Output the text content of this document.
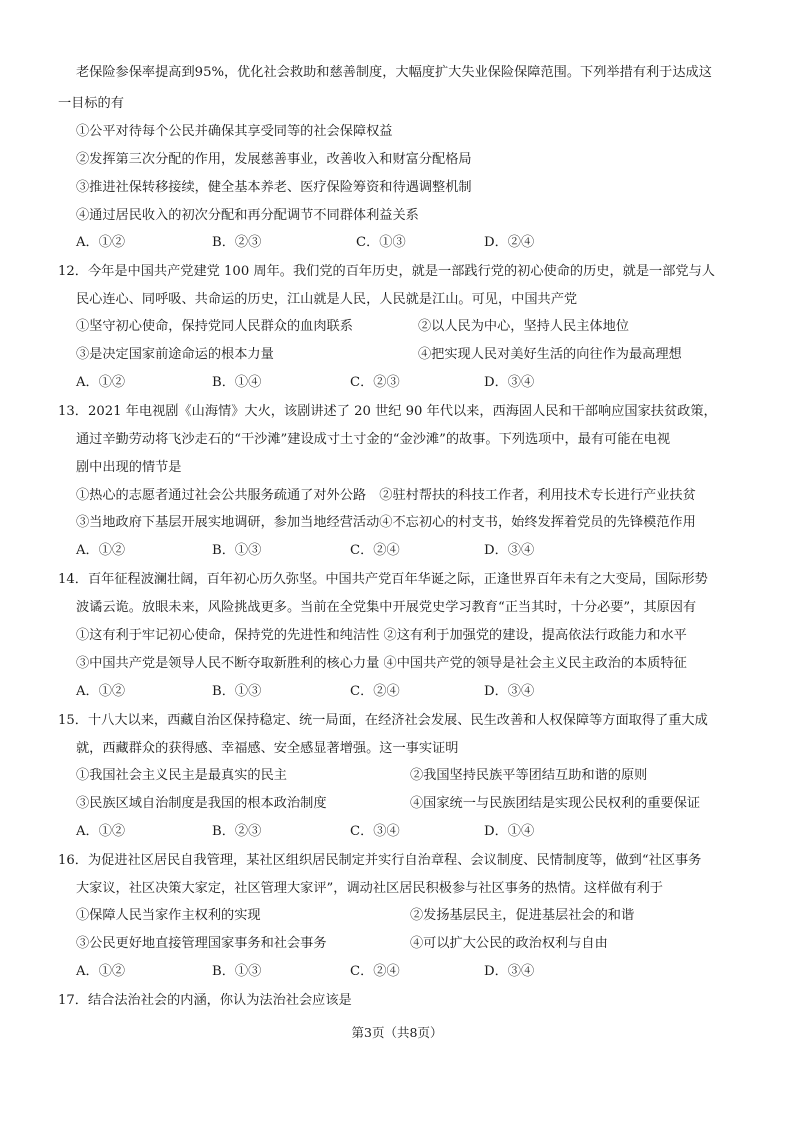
老保险参保率提高到95%，优化社会救助和慈善制度，大幅度扩大失业保险保障范围。下列举措有利于达成这
一目标的有
①公平对待每个公民并确保其享受同等的社会保障权益
②发挥第三次分配的作用，发展慈善事业，改善收入和财富分配格局
③推进社保转移接续，健全基本养老、医疗保险筹资和待遇调整机制
④通过居民收入的初次分配和再分配调节不同群体利益关系
A．①②	B．②③	C．①③	D．②④
12．今年是中国共产党建党 100 周年。我们党的百年历史，就是一部践行党的初心使命的历史，就是一部党与人
民心连心、同呼吸、共命运的历史，江山就是人民，人民就是江山。可见，中国共产党
①坚守初心使命，保持党同人民群众的血肉联系	②以人民为中心，坚持人民主体地位
③是决定国家前途命运的根本力量	④把实现人民对美好生活的向往作为最高理想
A．①②	B．①④	C．②③	D．③④
13．2021 年电视剧《山海情》大火，该剧讲述了 20 世纪 90 年代以来，西海固人民和干部响应国家扶贫政策，
通过辛勤劳动将飞沙走石的“干沙滩”建设成寸土寸金的“金沙滩”的故事。下列选项中，最有可能在电视
剧中出现的情节是
①热心的志愿者通过社会公共服务疏通了对外公路　②驻村帮扶的科技工作者，利用技术专长进行产业扶贫
③当地政府下基层开展实地调研，参加当地经营活动④不忘初心的村支书，始终发挥着党员的先锋模范作用
A．①②	B．①③	C．②④	D．③④
14．百年征程波澜壮阔，百年初心历久弥坚。中国共产党百年华诞之际，正逢世界百年未有之大变局，国际形势
波谲云诡。放眼未来，风险挑战更多。当前在全党集中开展党史学习教育“正当其时，十分必要”，其原因有
①这有利于牢记初心使命，保持党的先进性和纯洁性 ②这有利于加强党的建设，提高依法行政能力和水平
③中国共产党是领导人民不断夺取新胜利的核心力量 ④中国共产党的领导是社会主义民主政治的本质特征
A．①②	B．①③	C．②④	D．③④
15．十八大以来，西藏自治区保持稳定、统一局面，在经济社会发展、民生改善和人权保障等方面取得了重大成
就，西藏群众的获得感、幸福感、安全感显著增强。这一事实证明
①我国社会主义民主是最真实的民主	②我国坚持民族平等团结互助和谐的原则
③民族区域自治制度是我国的根本政治制度	④国家统一与民族团结是实现公民权利的重要保证
A．①②	B．②③	C．③④	D．①④
16．为促进社区居民自我管理，某社区组织居民制定并实行自治章程、会议制度、民情制度等，做到“社区事务
大家议，社区决策大家定，社区管理大家评”，调动社区居民积极参与社区事务的热情。这样做有利于
①保障人民当家作主权利的实现	②发扬基层民主，促进基层社会的和谐
③公民更好地直接管理国家事务和社会事务	④可以扩大公民的政治权利与自由
A．①②	B．①③	C．②④	D．③④
17．结合法治社会的内涵，你认为法治社会应该是
第3页（共8页）
